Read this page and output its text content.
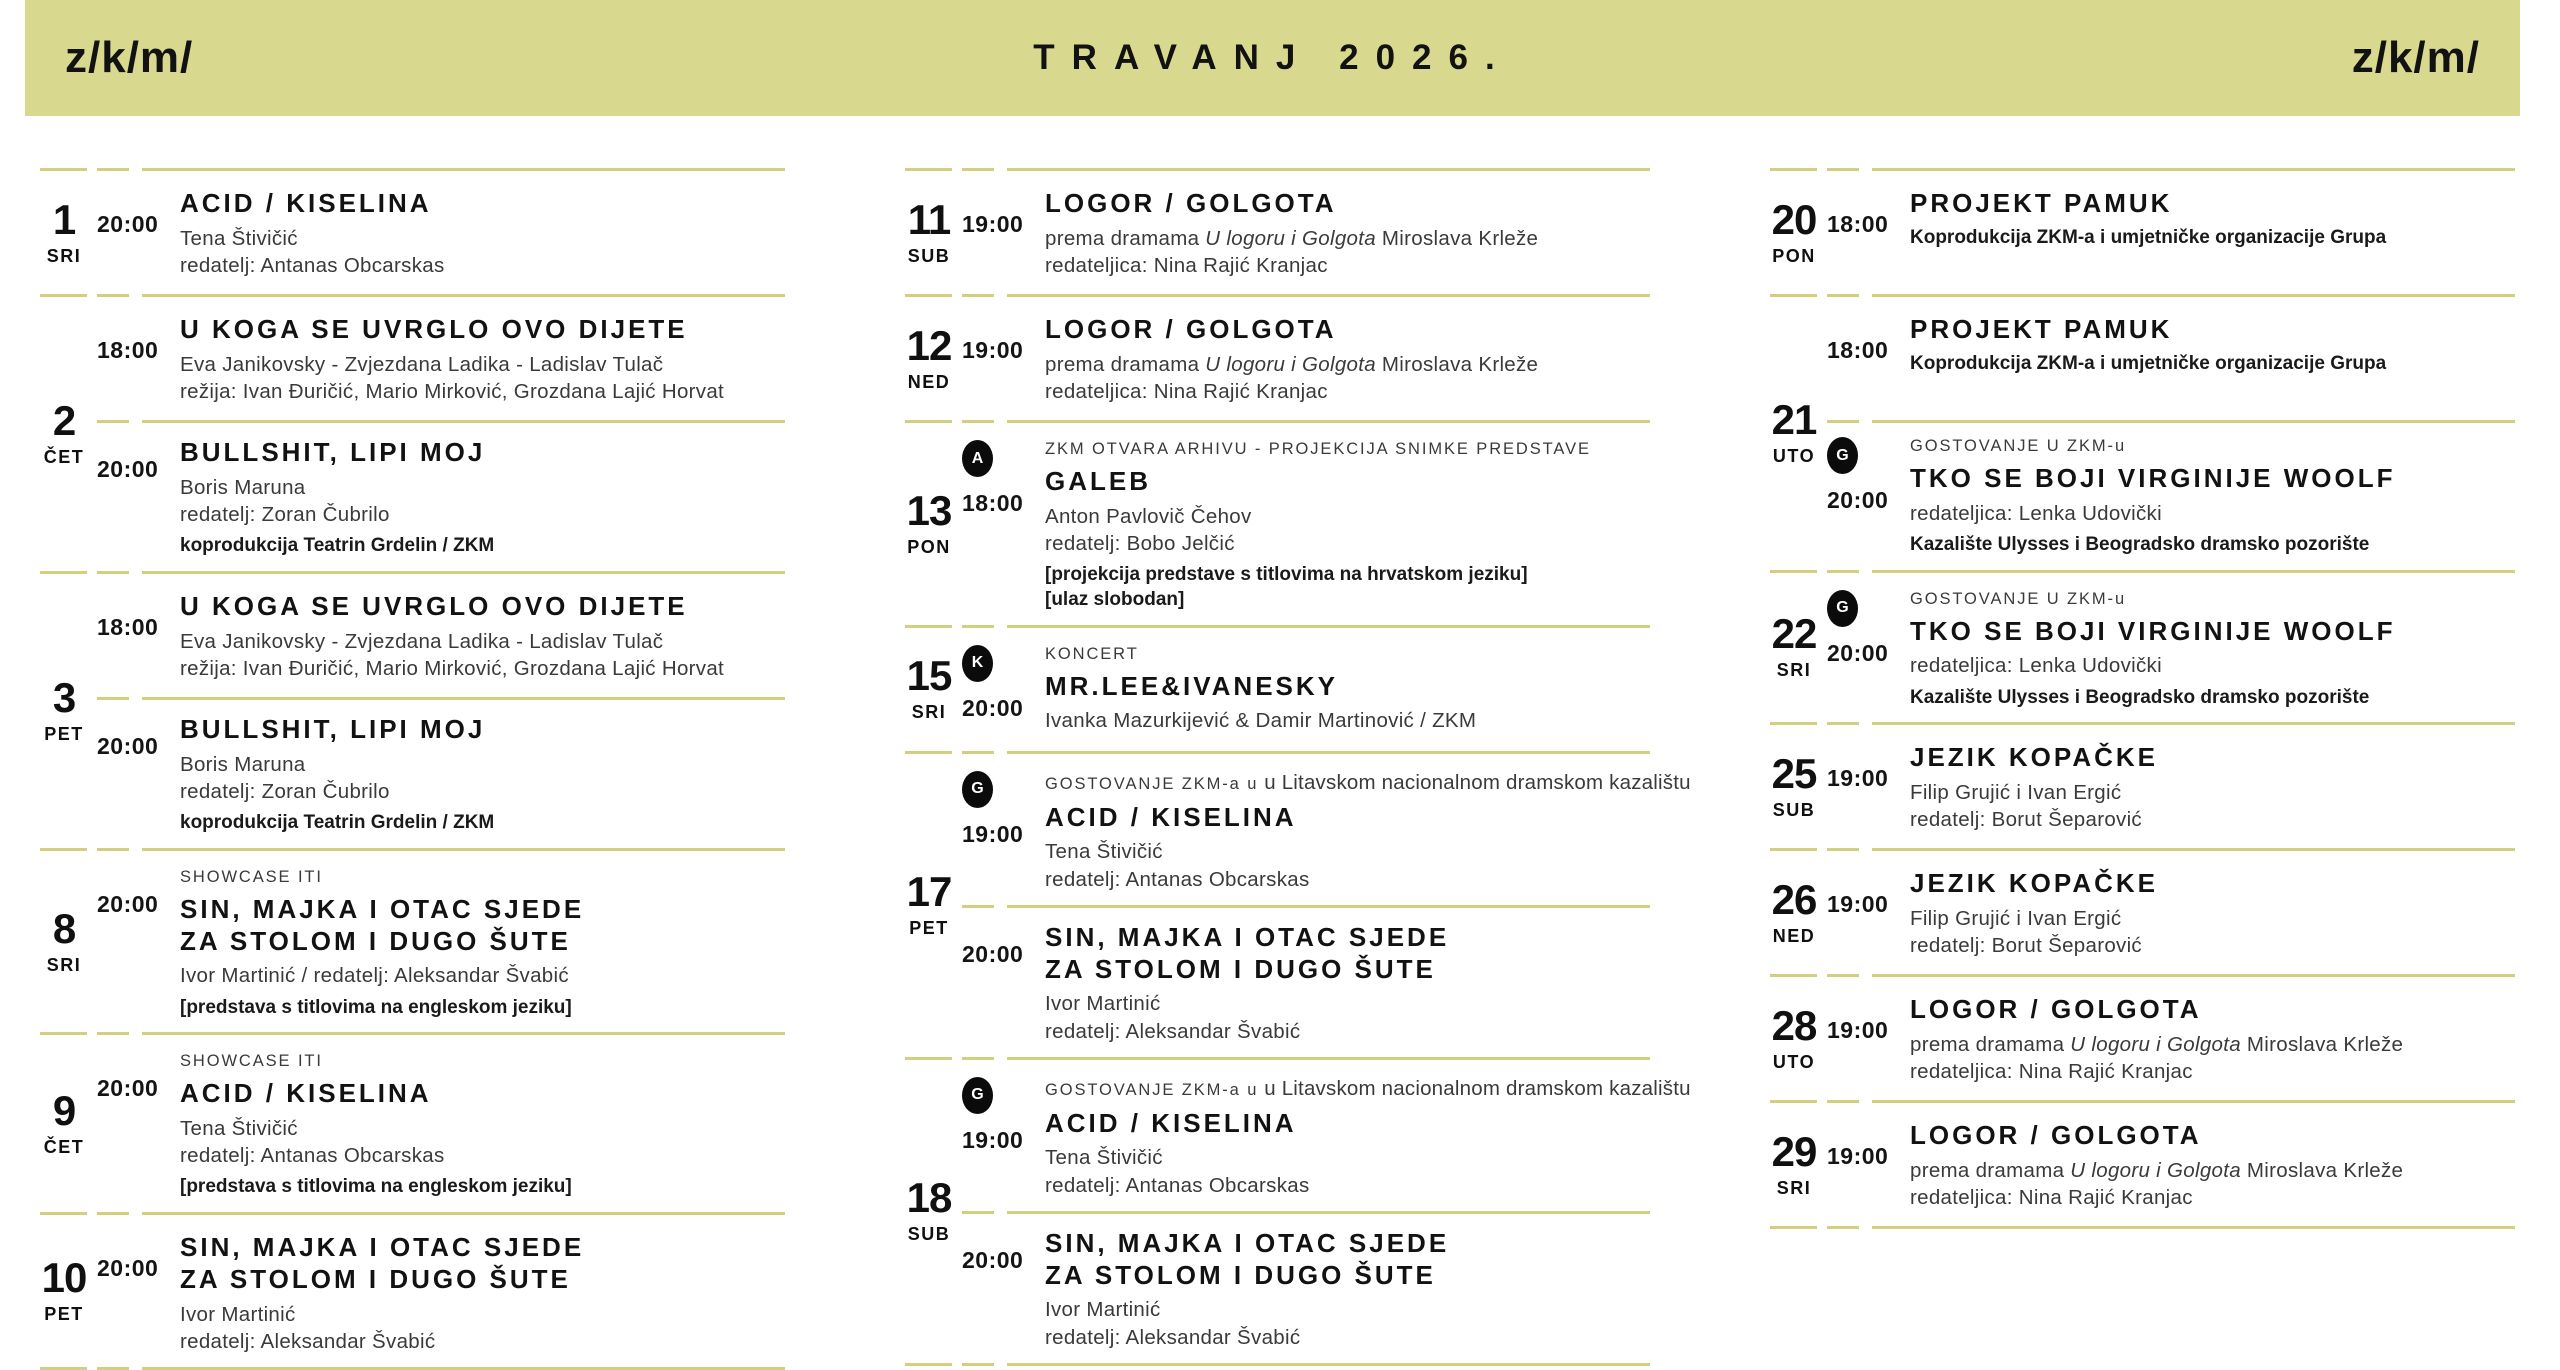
z/k/m/	TRAVANJ 2026.	z/k/m/
1
SRI
20:00
ACID / KISELINA
Tena Štivičić
redatelj: Antanas Obcarskas
2
ČET
18:00
U KOGA SE UVRGLO OVO DIJETE
Eva Janikovsky - Zvjezdana Ladika - Ladislav Tulač
režija: Ivan Đuričić, Mario Mirković, Grozdana Lajić Horvat
20:00
BULLSHIT, LIPI MOJ
Boris Maruna
redatelj: Zoran Čubrilo
koprodukcija Teatrin Grdelin / ZKM
3
PET
18:00
U KOGA SE UVRGLO OVO DIJETE
Eva Janikovsky - Zvjezdana Ladika - Ladislav Tulač
režija: Ivan Đuričić, Mario Mirković, Grozdana Lajić Horvat
20:00
BULLSHIT, LIPI MOJ
Boris Maruna
redatelj: Zoran Čubrilo
koprodukcija Teatrin Grdelin / ZKM
8
SRI
20:00
SHOWCASE ITI
SIN, MAJKA I OTAC SJEDE
ZA STOLOM I DUGO ŠUTE
Ivor Martinić / redatelj: Aleksandar Švabić
[predstava s titlovima na engleskom jeziku]
9
ČET
20:00
SHOWCASE ITI
ACID / KISELINA
Tena Štivičić
redatelj: Antanas Obcarskas
[predstava s titlovima na engleskom jeziku]
10
PET
20:00
SIN, MAJKA I OTAC SJEDE
ZA STOLOM I DUGO ŠUTE
Ivor Martinić
redatelj: Aleksandar Švabić
11
SUB
19:00
LOGOR / GOLGOTA
prema dramama U logoru i Golgota Miroslava Krleže
redateljica: Nina Rajić Kranjac
12
NED
19:00
LOGOR / GOLGOTA
prema dramama U logoru i Golgota Miroslava Krleže
redateljica: Nina Rajić Kranjac
13
PON
A
18:00
ZKM OTVARA ARHIVU - PROJEKCIJA SNIMKE PREDSTAVE
GALEB
Anton Pavlovič Čehov
redatelj: Bobo Jelčić
[projekcija predstave s titlovima na hrvatskom jeziku][ulaz slobodan]
15
SRI
K
20:00
KONCERT
MR.LEE&IVANESKY
Ivanka Mazurkijević & Damir Martinović / ZKM
17
PET
G
19:00
GOSTOVANJE ZKM-a u u Litavskom nacionalnom dramskom kazalištu
ACID / KISELINA
Tena Štivičić
redatelj: Antanas Obcarskas
20:00
SIN, MAJKA I OTAC SJEDE
ZA STOLOM I DUGO ŠUTE
Ivor Martinić
redatelj: Aleksandar Švabić
18
SUB
G
19:00
GOSTOVANJE ZKM-a u u Litavskom nacionalnom dramskom kazalištu
ACID / KISELINA
Tena Štivičić
redatelj: Antanas Obcarskas
20:00
SIN, MAJKA I OTAC SJEDE
ZA STOLOM I DUGO ŠUTE
Ivor Martinić
redatelj: Aleksandar Švabić
20
PON
18:00
PROJEKT PAMUK
Koprodukcija ZKM-a i umjetničke organizacije Grupa
21
UTO
18:00
PROJEKT PAMUK
Koprodukcija ZKM-a i umjetničke organizacije Grupa
G
20:00
GOSTOVANJE U ZKM-u
TKO SE BOJI VIRGINIJE WOOLF
redateljica: Lenka Udovički
Kazalište Ulysses i Beogradsko dramsko pozorište
22
SRI
G
20:00
GOSTOVANJE U ZKM-u
TKO SE BOJI VIRGINIJE WOOLF
redateljica: Lenka Udovički
Kazalište Ulysses i Beogradsko dramsko pozorište
25
SUB
19:00
JEZIK KOPAČKE
Filip Grujić i Ivan Ergić
redatelj: Borut Šeparović
26
NED
19:00
JEZIK KOPAČKE
Filip Grujić i Ivan Ergić
redatelj: Borut Šeparović
28
UTO
19:00
LOGOR / GOLGOTA
prema dramama U logoru i Golgota Miroslava Krleže
redateljica: Nina Rajić Kranjac
29
SRI
19:00
LOGOR / GOLGOTA
prema dramama U logoru i Golgota Miroslava Krleže
redateljica: Nina Rajić Kranjac
